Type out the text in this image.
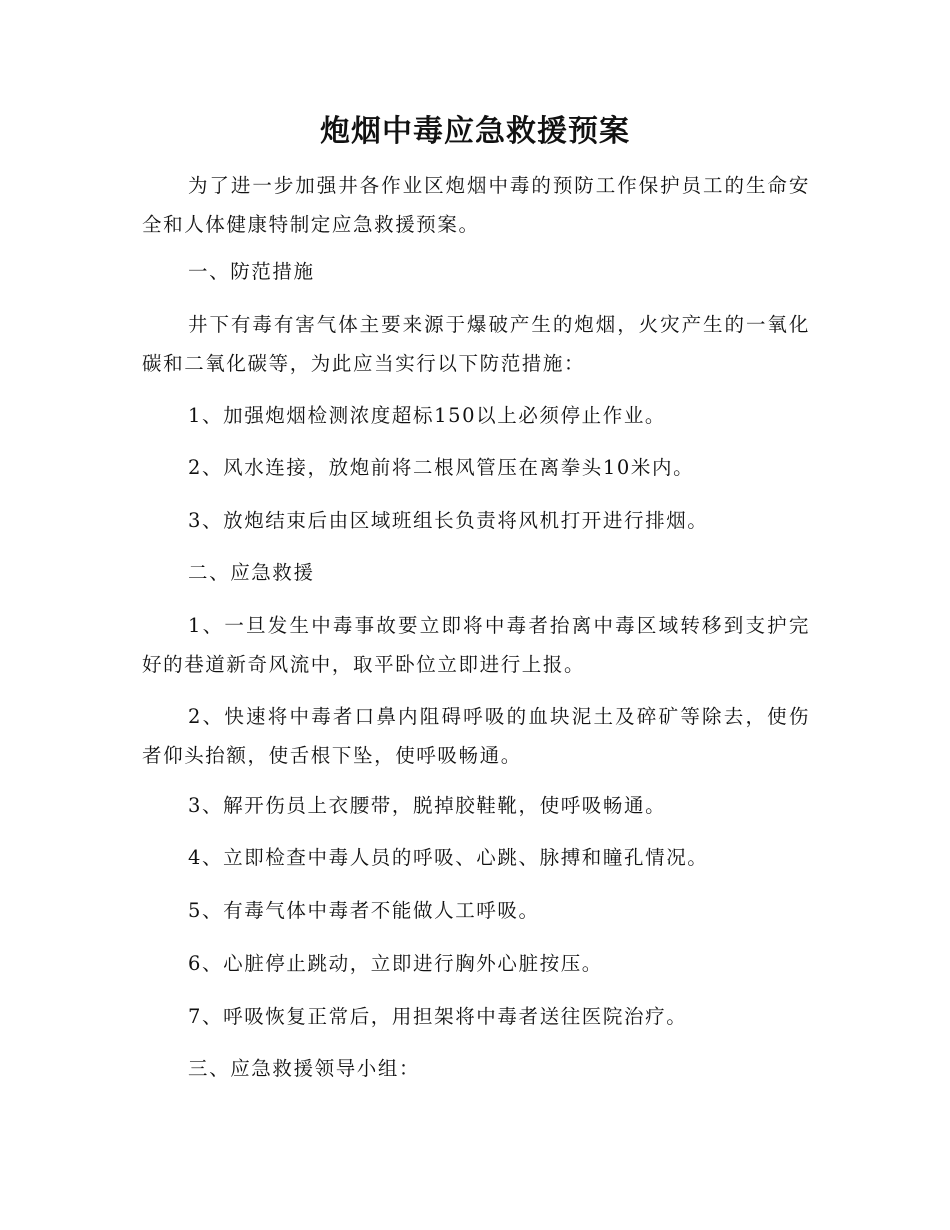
炮烟中毒应急救援预案

为了进一步加强井各作业区炮烟中毒的预防工作保护员工的生命安全和人体健康特制定应急救援预案。

一、防范措施

井下有毒有害气体主要来源于爆破产生的炮烟，火灾产生的一氧化碳和二氧化碳等，为此应当实行以下防范措施：

1、加强炮烟检测浓度超标150以上必须停止作业。

2、风水连接，放炮前将二根风管压在离拳头10米内。

3、放炮结束后由区域班组长负责将风机打开进行排烟。

二、应急救援

1、一旦发生中毒事故要立即将中毒者抬离中毒区域转移到支护完好的巷道新奇风流中，取平卧位立即进行上报。

2、快速将中毒者口鼻内阻碍呼吸的血块泥土及碎矿等除去，使伤者仰头抬额，使舌根下坠，使呼吸畅通。

3、解开伤员上衣腰带，脱掉胶鞋靴，使呼吸畅通。

4、立即检查中毒人员的呼吸、心跳、脉搏和瞳孔情况。

5、有毒气体中毒者不能做人工呼吸。

6、心脏停止跳动，立即进行胸外心脏按压。

7、呼吸恢复正常后，用担架将中毒者送往医院治疗。

三、应急救援领导小组：
